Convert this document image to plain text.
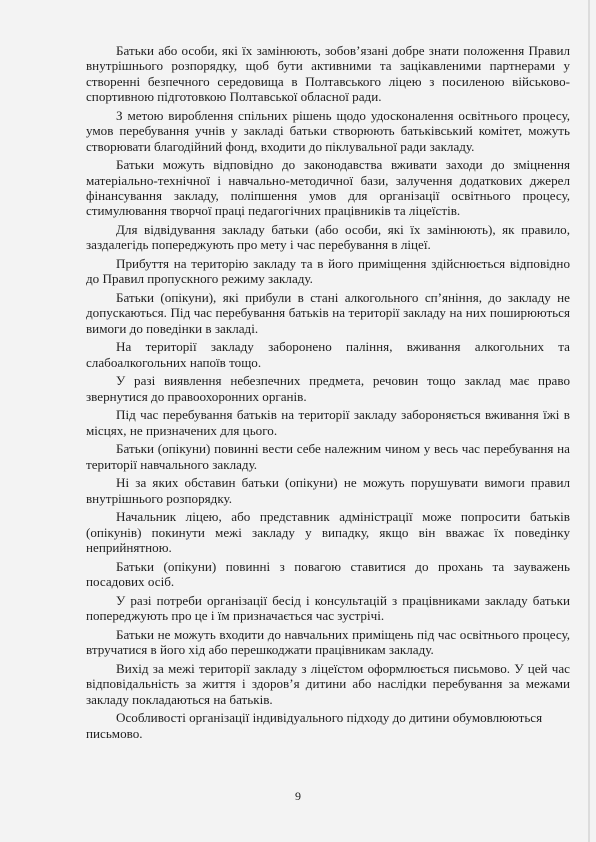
Батьки або особи, які їх замінюють, зобов’язані добре знати положення Правил внутрішнього розпорядку, щоб бути активними та зацікавленими партнерами у створенні безпечного середовища в Полтавського ліцею з посиленою військово-спортивною підготовкою Полтавської обласної ради.

З метою вироблення спільних рішень щодо удосконалення освітнього процесу, умов перебування учнів у закладі батьки створюють батьківський комітет, можуть створювати благодійний фонд, входити до піклувальної ради закладу.

Батьки можуть відповідно до законодавства вживати заходи до зміцнення матеріально-технічної і навчально-методичної бази, залучення додаткових джерел фінансування закладу, поліпшення умов для організації освітнього процесу, стимулювання творчої праці педагогічних працівників та ліцеїстів.

Для відвідування закладу батьки (або особи, які їх замінюють), як правило, заздалегідь попереджують про мету і час перебування в ліцеї.

Прибуття на територію закладу та в його приміщення здійснюється відповідно до Правил пропускного режиму закладу.

Батьки (опікуни), які прибули в стані алкогольного сп’яніння, до закладу не допускаються. Під час перебування батьків на території закладу на них поширюються вимоги до поведінки в закладі.

На території закладу заборонено паління, вживання алкогольних та слабоалкогольних напоїв тощо.

У разі виявлення небезпечних предмета, речовин тощо заклад має право звернутися до правоохоронних органів.

Під час перебування батьків на території закладу забороняється вживання їжі в місцях, не призначених для цього.

Батьки (опікуни) повинні вести себе належним чином у весь час перебування на території навчального закладу.

Ні за яких обставин батьки (опікуни) не можуть порушувати вимоги правил внутрішнього розпорядку.

Начальник ліцею, або представник адміністрації може попросити батьків (опікунів) покинути межі закладу у випадку, якщо він вважає їх поведінку неприйнятною.

Батьки (опікуни) повинні з повагою ставитися до прохань та зауважень посадових осіб.

У разі потреби організації бесід і консультацій з працівниками закладу батьки попереджують про це і їм призначається час зустрічі.

Батьки не можуть входити до навчальних приміщень під час освітнього процесу, втручатися в його хід або перешкоджати працівникам закладу.

Вихід за межі території закладу з ліцеїстом оформлюється письмово. У цей час відповідальність за життя і здоров’я дитини або наслідки перебування за межами закладу покладаються на батьків.

Особливості організації індивідуального підходу до дитини обумовлюються письмово.

9
